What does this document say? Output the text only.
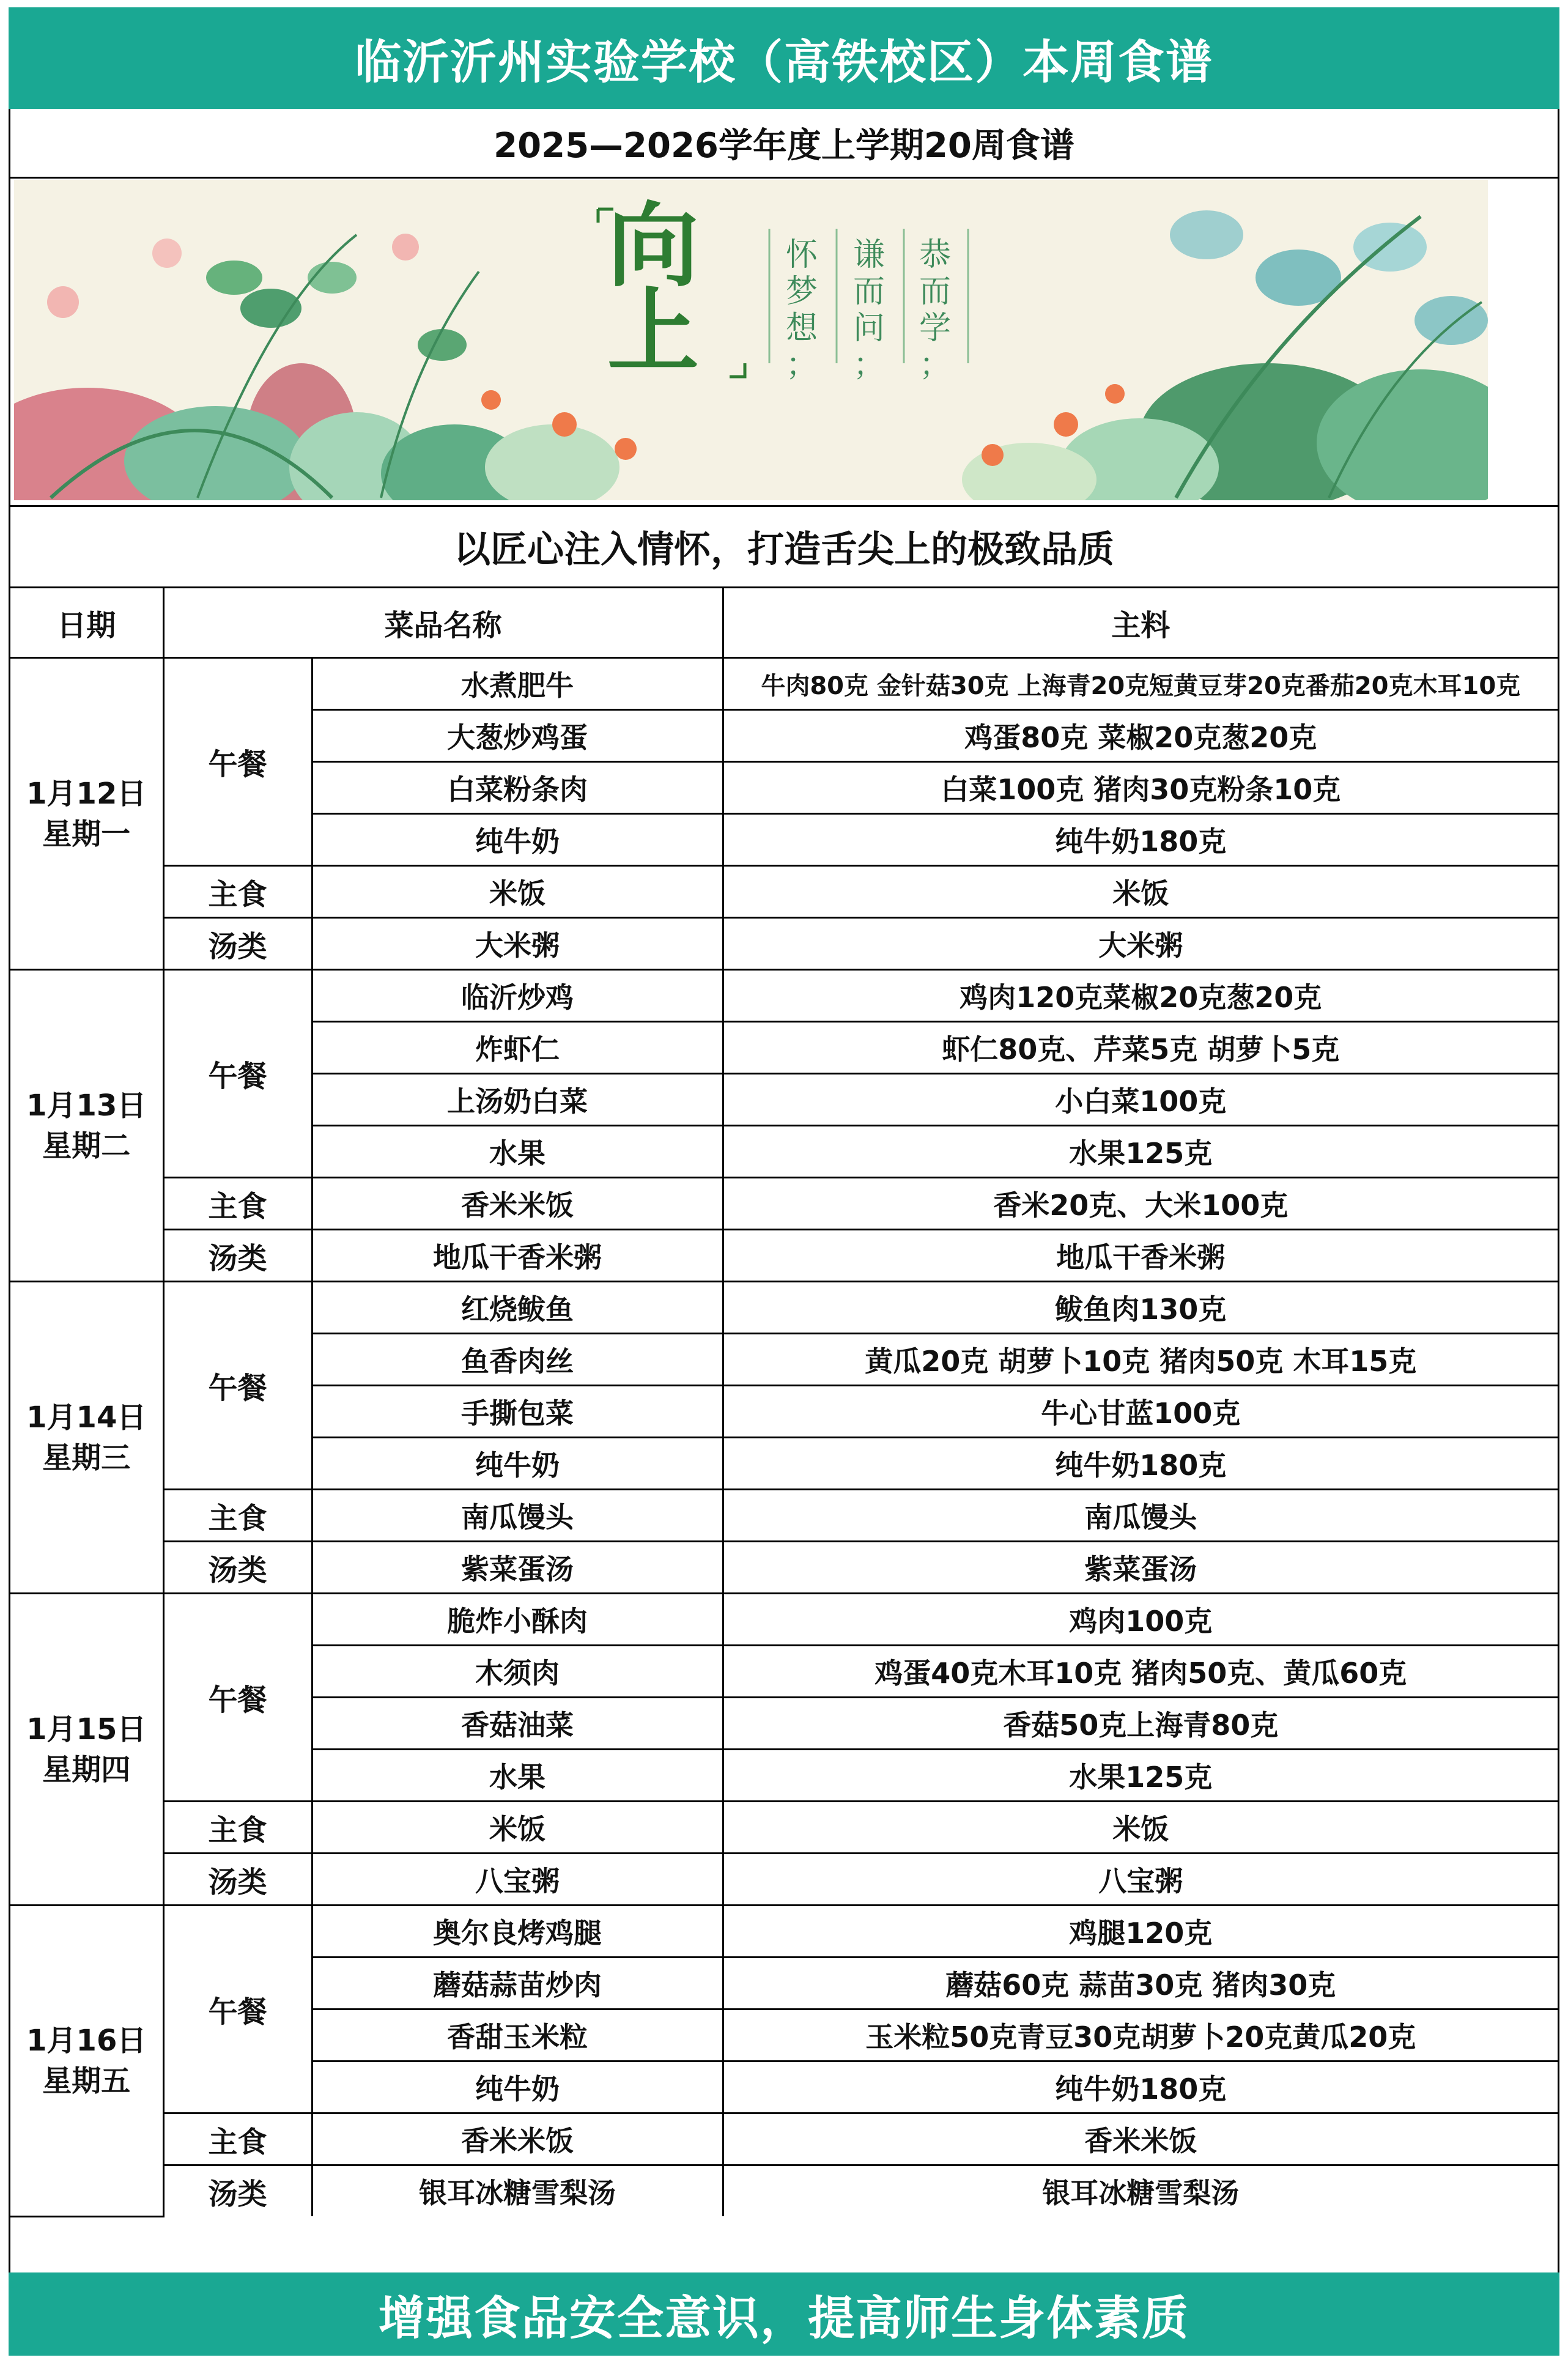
临沂沂州实验学校（高铁校区）本周食谱
2025—2026学年度上学期20周食谱
向
上
恭而学；
谦而问；
怀梦想；
以匠心注入情怀，打造舌尖上的极致品质
日期	菜品名称		主料

1月12日
星期一	午餐	水煮肥牛	牛肉80克 金针菇30克 上海青20克短黄豆芽20克番茄20克木耳10克
		大葱炒鸡蛋	鸡蛋80克 菜椒20克葱20克
		白菜粉条肉	白菜100克 猪肉30克粉条10克
		纯牛奶	纯牛奶180克
	主食	米饭	米饭
	汤类	大米粥	大米粥

1月13日
星期二	午餐	临沂炒鸡	鸡肉120克菜椒20克葱20克
		炸虾仁	虾仁80克、芹菜5克 胡萝卜5克
		上汤奶白菜	小白菜100克
		水果	水果125克
	主食	香米米饭	香米20克、大米100克
	汤类	地瓜干香米粥	地瓜干香米粥

1月14日
星期三	午餐	红烧鲅鱼	鲅鱼肉130克
		鱼香肉丝	黄瓜20克 胡萝卜10克 猪肉50克 木耳15克
		手撕包菜	牛心甘蓝100克
		纯牛奶	纯牛奶180克
	主食	南瓜馒头	南瓜馒头
	汤类	紫菜蛋汤	紫菜蛋汤

1月15日
星期四	午餐	脆炸小酥肉	鸡肉100克
		木须肉	鸡蛋40克木耳10克 猪肉50克、黄瓜60克
		香菇油菜	香菇50克上海青80克
		水果	水果125克
	主食	米饭	米饭
	汤类	八宝粥	八宝粥

1月16日
星期五	午餐	奥尔良烤鸡腿	鸡腿120克
		蘑菇蒜苗炒肉	蘑菇60克 蒜苗30克 猪肉30克
		香甜玉米粒	玉米粒50克青豆30克胡萝卜20克黄瓜20克
		纯牛奶	纯牛奶180克
	主食	香米米饭	香米米饭
	汤类	银耳冰糖雪梨汤	银耳冰糖雪梨汤
增强食品安全意识，提高师生身体素质
